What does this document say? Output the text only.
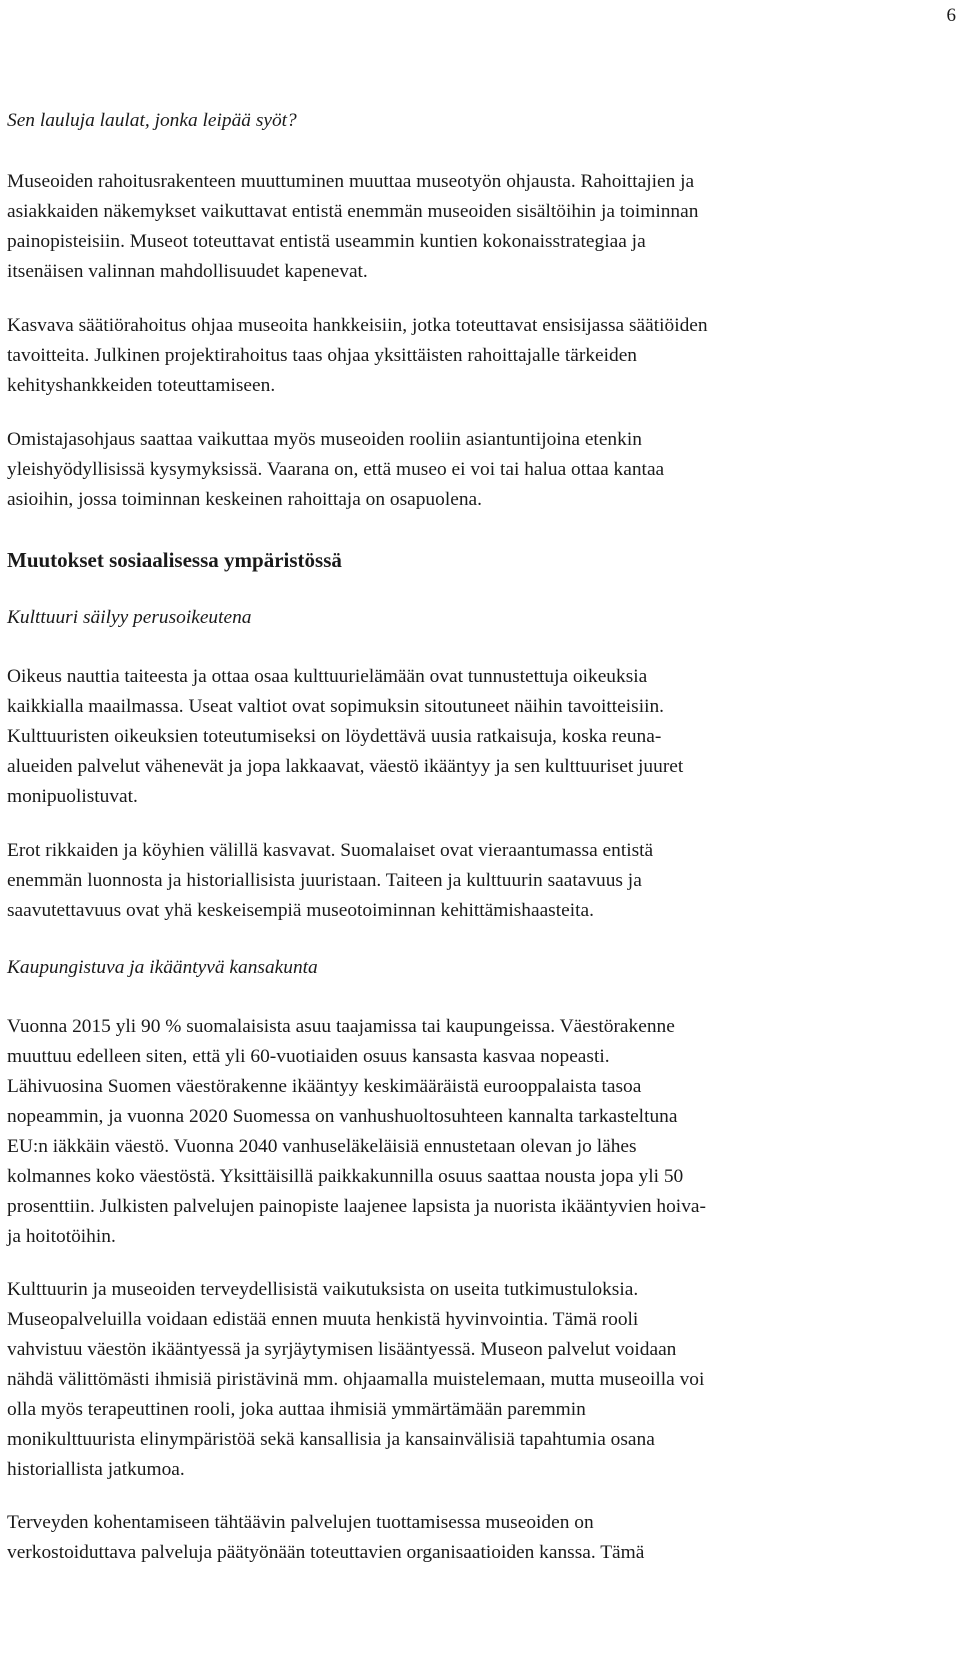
6

Sen lauluja laulat, jonka leipää syöt?

Museoiden rahoitusrakenteen muuttuminen muuttaa museotyön ohjausta. Rahoittajien ja
asiakkaiden näkemykset vaikuttavat entistä enemmän museoiden sisältöihin ja toiminnan
painopisteisiin. Museot toteuttavat entistä useammin kuntien kokonaisstrategiaa ja
itsenäisen valinnan mahdollisuudet kapenevat.
Kasvava säätiörahoitus ohjaa museoita hankkeisiin, jotka toteuttavat ensisijassa säätiöiden
tavoitteita. Julkinen projektirahoitus taas ohjaa yksittäisten rahoittajalle tärkeiden
kehityshankkeiden toteuttamiseen.
Omistajasohjaus saattaa vaikuttaa myös museoiden rooliin asiantuntijoina etenkin
yleishyödyllisissä kysymyksissä. Vaarana on, että museo ei voi tai halua ottaa kantaa
asioihin, jossa toiminnan keskeinen rahoittaja on osapuolena.
Muutokset sosiaalisessa ympäristössä

Kulttuuri säilyy perusoikeutena

Oikeus nauttia taiteesta ja ottaa osaa kulttuurielämään ovat tunnustettuja oikeuksia
kaikkialla maailmassa. Useat valtiot ovat sopimuksin sitoutuneet näihin tavoitteisiin.
Kulttuuristen oikeuksien toteutumiseksi on löydettävä uusia ratkaisuja, koska reuna-
alueiden palvelut vähenevät ja jopa lakkaavat, väestö ikääntyy ja sen kulttuuriset juuret
monipuolistuvat.
Erot rikkaiden ja köyhien välillä kasvavat. Suomalaiset ovat vieraantumassa entistä
enemmän luonnosta ja historiallisista juuristaan. Taiteen ja kulttuurin saatavuus ja
saavutettavuus ovat yhä keskeisempiä museotoiminnan kehittämishaasteita.

Kaupungistuva ja ikääntyvä kansakunta

Vuonna 2015 yli 90 % suomalaisista asuu taajamissa tai kaupungeissa. Väestörakenne
muuttuu edelleen siten, että yli 60-vuotiaiden osuus kansasta kasvaa nopeasti.
Lähivuosina Suomen väestörakenne ikääntyy keskimääräistä eurooppalaista tasoa
nopeammin, ja vuonna 2020 Suomessa on vanhushuoltosuhteen kannalta tarkasteltuna
EU:n iäkkäin väestö. Vuonna 2040 vanhuseläkeläisiä ennustetaan olevan jo lähes
kolmannes koko väestöstä. Yksittäisillä paikkakunnilla osuus saattaa nousta jopa yli 50
prosenttiin. Julkisten palvelujen painopiste laajenee lapsista ja nuorista ikääntyvien hoiva-
ja hoitotöihin.
Kulttuurin ja museoiden terveydellisistä vaikutuksista on useita tutkimustuloksia.
Museopalveluilla voidaan edistää ennen muuta henkistä hyvinvointia. Tämä rooli
vahvistuu väestön ikääntyessä ja syrjäytymisen lisääntyessä. Museon palvelut voidaan
nähdä välittömästi ihmisiä piristävinä mm. ohjaamalla muistelemaan, mutta museoilla voi
olla myös terapeuttinen rooli, joka auttaa ihmisiä ymmärtämään paremmin
monikulttuurista elinympäristöä sekä kansallisia ja kansainvälisiä tapahtumia osana
historiallista jatkumoa.
Terveyden kohentamiseen tähtäävin palvelujen tuottamisessa museoiden on
verkostoiduttava palveluja päätyönään toteuttavien organisaatioiden kanssa. Tämä
